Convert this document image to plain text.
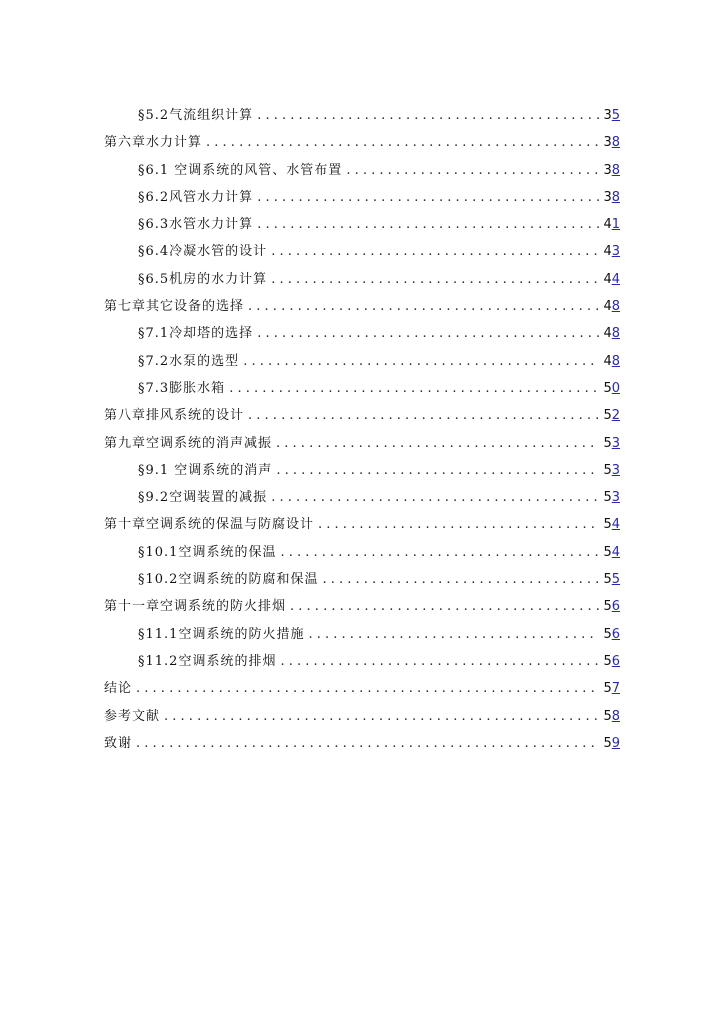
§5.2气流组织计算 . . .	35
第六章水力计算 . . .	38
§6.1 空调系统的风管、水管布置 . . .	38
§6.2风管水力计算 . . .	38
§6.3水管水力计算 . . .	41
§6.4冷凝水管的设计 . . .	43
§6.5机房的水力计算 . . .	44
第七章其它设备的选择 . . .	48
§7.1冷却塔的选择 . . .	48
§7.2水泵的选型 . . .	48
§7.3膨胀水箱 . . .	50
第八章排风系统的设计 . . .	52
第九章空调系统的消声减振 . . .	53
§9.1 空调系统的消声 . . .	53
§9.2空调装置的减振 . . .	53
第十章空调系统的保温与防腐设计 . . .	54
§10.1空调系统的保温 . . .	54
§10.2空调系统的防腐和保温 . . .	55
第十一章空调系统的防火排烟 . . .	56
§11.1空调系统的防火措施 . . .	56
§11.2空调系统的排烟 . . .	56
结论 . . .	57
参考文献 . . .	58
致谢 . . .	59
